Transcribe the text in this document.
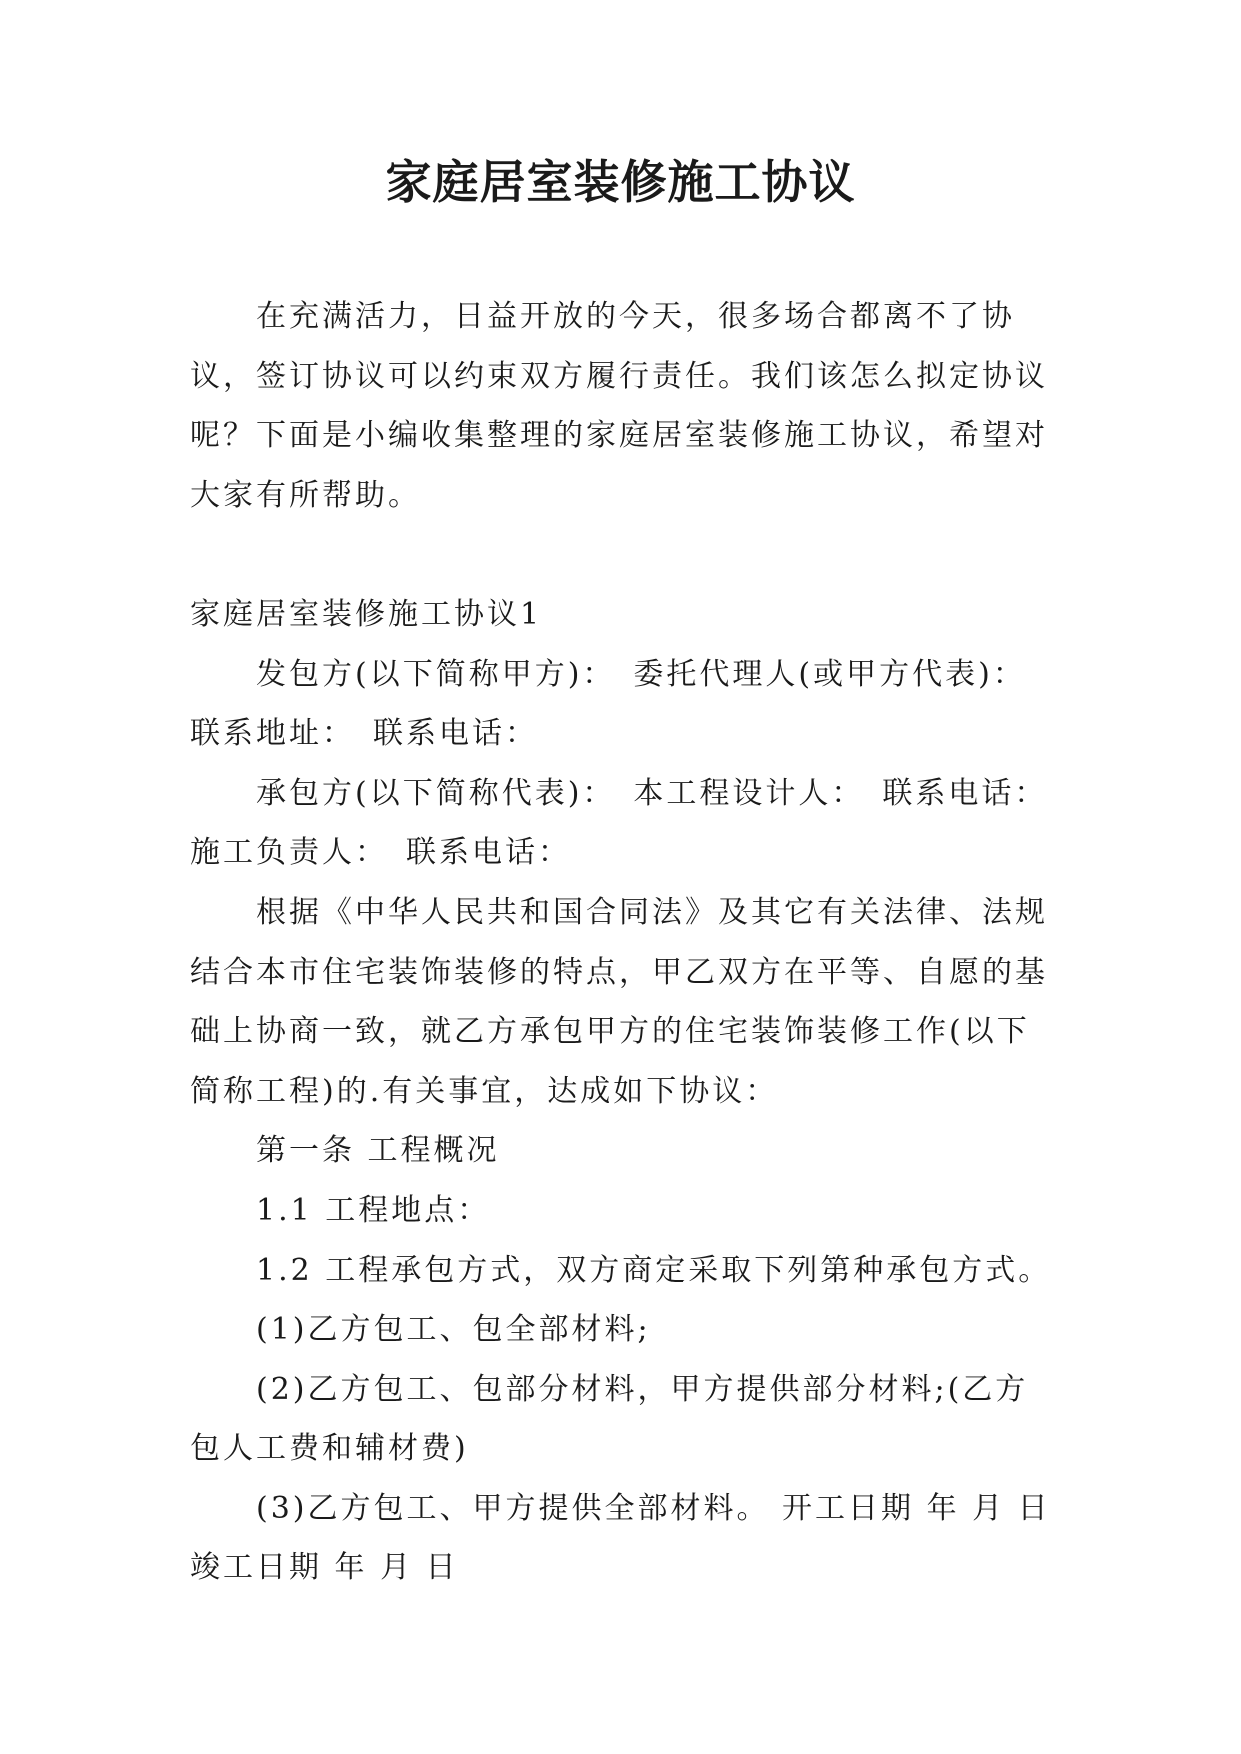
家庭居室装修施工协议

在充满活力，日益开放的今天，很多场合都离不了协议，签订协议可以约束双方履行责任。我们该怎么拟定协议呢？下面是小编收集整理的家庭居室装修施工协议，希望对大家有所帮助。

家庭居室装修施工协议1

发包方(以下简称甲方)：　委托代理人(或甲方代表)：　联系地址：　联系电话：

承包方(以下简称代表)：　本工程设计人：　联系电话：　施工负责人：　联系电话：

根据《中华人民共和国合同法》及其它有关法律、法规结合本市住宅装饰装修的特点，甲乙双方在平等、自愿的基础上协商一致，就乙方承包甲方的住宅装饰装修工作(以下简称工程)的.有关事宜，达成如下协议：

第一条 工程概况

1.1 工程地点：

1.2 工程承包方式，双方商定采取下列第种承包方式。

(1)乙方包工、包全部材料;

(2)乙方包工、包部分材料，甲方提供部分材料;(乙方包人工费和辅材费)

(3)乙方包工、甲方提供全部材料。 开工日期 年 月 日 竣工日期 年 月 日
